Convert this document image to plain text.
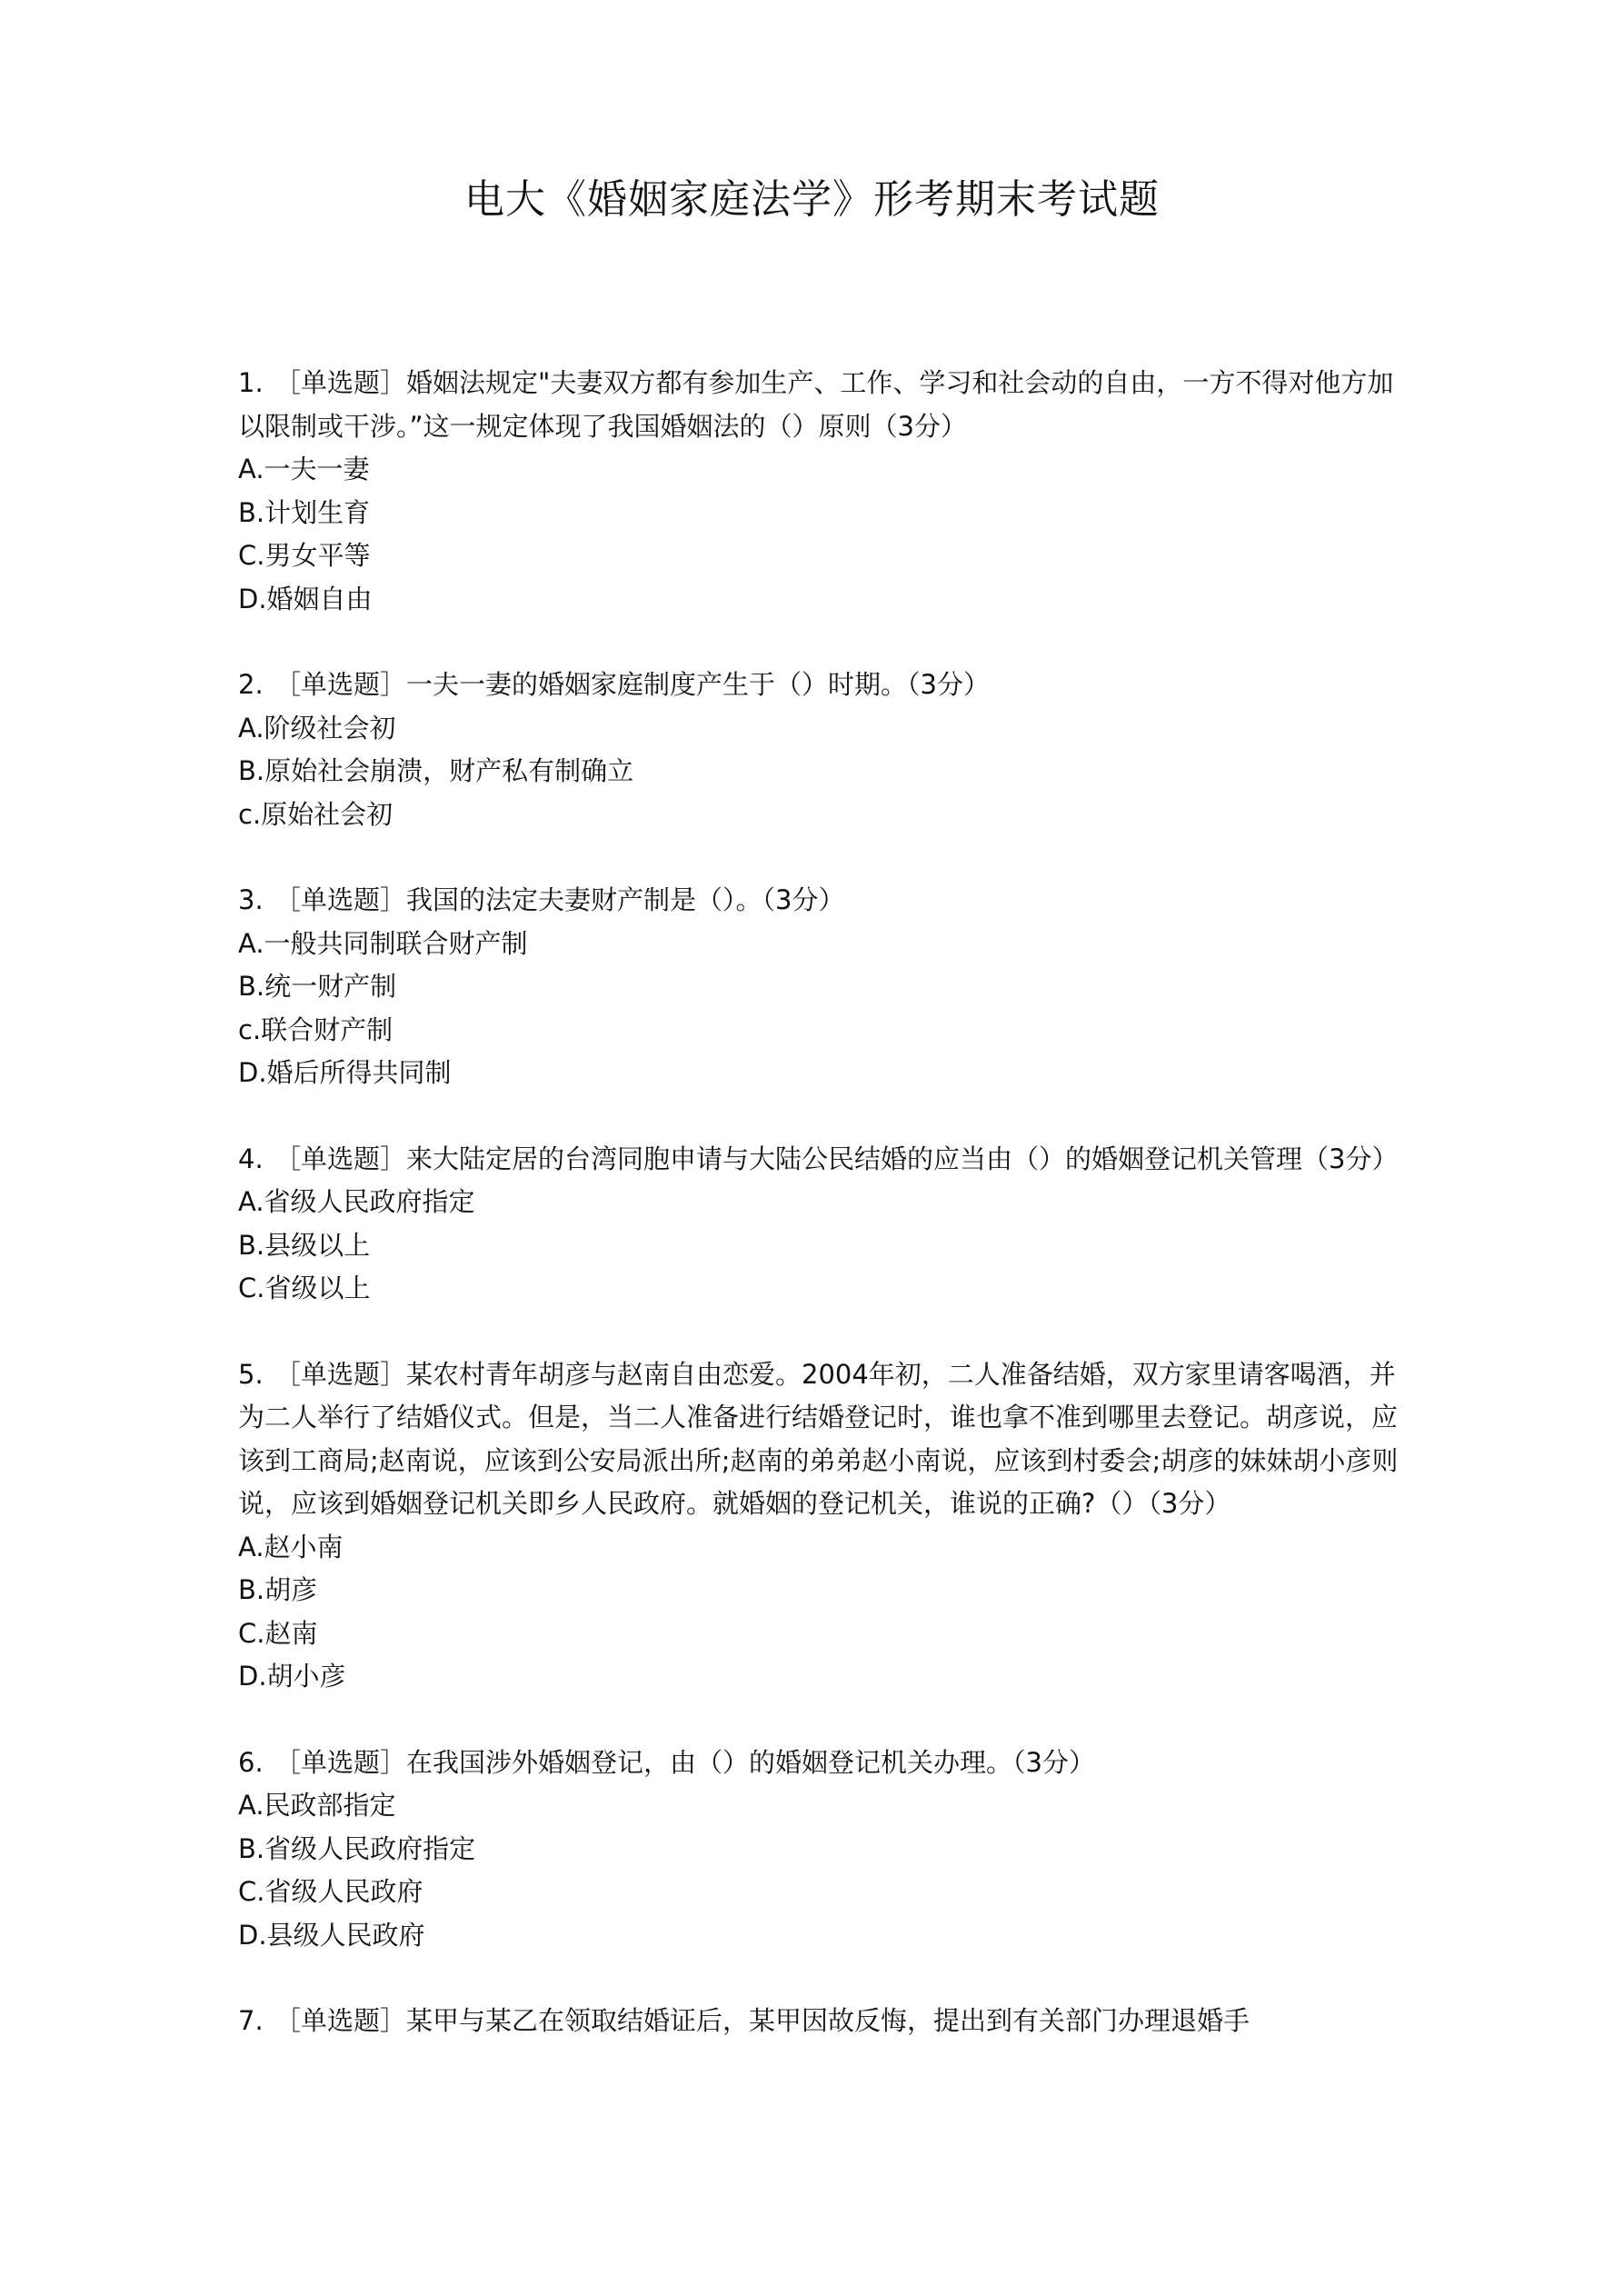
电大《婚姻家庭法学》形考期末考试题

1. ［单选题］婚姻法规定"夫妻双方都有参加生产、工作、学习和社会动的自由，一方不得对他方加以限制或干涉。”这一规定体现了我国婚姻法的（）原则（3分）

A.一夫一妻

B.计划生育

C.男女平等

D.婚姻自由

2. ［单选题］一夫一妻的婚姻家庭制度产生于（）时期。（3分）

A.阶级社会初

B.原始社会崩溃，财产私有制确立

c.原始社会初

3. ［单选题］我国的法定夫妻财产制是（）。（3分）

A.一般共同制联合财产制

B.统一财产制

c.联合财产制

D.婚后所得共同制

4. ［单选题］来大陆定居的台湾同胞申请与大陆公民结婚的应当由（）的婚姻登记机关管理（3分）A.省级人民政府指定

B.县级以上

C.省级以上

5. ［单选题］某农村青年胡彦与赵南自由恋爱。2004年初，二人准备结婚，双方家里请客喝酒，并为二人举行了结婚仪式。但是，当二人准备进行结婚登记时，谁也拿不准到哪里去登记。胡彦说，应该到工商局;赵南说，应该到公安局派出所;赵南的弟弟赵小南说，应该到村委会;胡彦的妹妹胡小彦则说，应该到婚姻登记机关即乡人民政府。就婚姻的登记机关，谁说的正确?（）（3分）

A.赵小南

B.胡彦

C.赵南

D.胡小彦

6. ［单选题］在我国涉外婚姻登记，由（）的婚姻登记机关办理。（3分）

A.民政部指定

B.省级人民政府指定

C.省级人民政府

D.县级人民政府

7. ［单选题］某甲与某乙在领取结婚证后，某甲因故反悔，提出到有关部门办理退婚手
